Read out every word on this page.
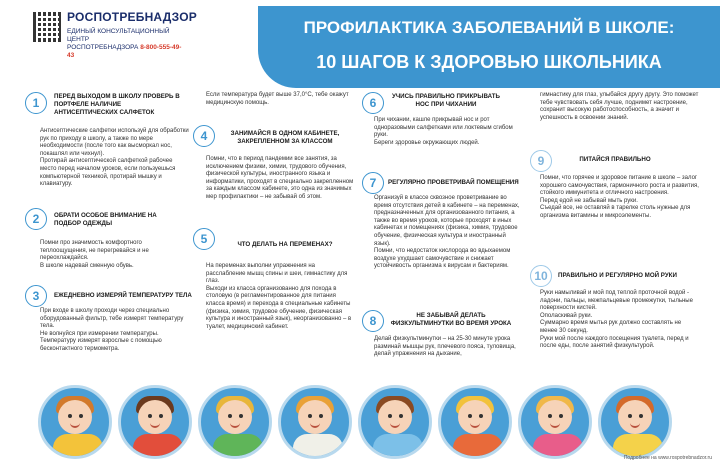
РОСПОТРЕБНАДЗОР
ЕДИНЫЙ КОНСУЛЬТАЦИОННЫЙ ЦЕНТР
РОСПОТРЕБНАДЗОРА 8-800-555-49-43
ПРОФИЛАКТИКА ЗАБОЛЕВАНИЙ В ШКОЛЕ:
10 ШАГОВ К ЗДОРОВЬЮ ШКОЛЬНИКА
1	ПЕРЕД ВЫХОДОМ В ШКОЛУ ПРОВЕРЬ В ПОРТФЕЛЕ НАЛИЧИЕ АНТИСЕПТИЧЕСКИХ САЛФЕТОК

Антисептические салфетки используй для обработки рук по приходу в школу, а также по мере необходимости (после того как высморкал нос, покашлял или чихнул).

Протирай антисептической салфеткой рабочее место перед началом уроков, если пользуешься компьютерной техникой, протирай мышку и клавиатуру.

2	ОБРАТИ ОСОБОЕ ВНИМАНИЕ НА ПОДБОР ОДЕЖДЫ

Помни про значимость комфортного теплоощущения, не перегревайся и не переохлаждайся.

В школе надевай сменную обувь.

3	ЕЖЕДНЕВНО ИЗМЕРЯЙ ТЕМПЕРАТУРУ ТЕЛА

При входе в школу проходи через специально оборудованный фильтр, тебе измерят температуру тела.

Не волнуйся при измерении температуры. Температуру измерят взрослые с помощью бесконтактного термометра.

Если температура будет выше 37,0°С, тебе окажут медицинскую помощь.
4	ЗАНИМАЙСЯ В ОДНОМ КАБИНЕТЕ, ЗАКРЕПЛЕННОМ ЗА КЛАССОМ

Помни, что в период пандемии все занятия, за исключением физики, химии, трудового обучения, физической культуры, иностранного языка и информатики, проходят в специально закрепленном за каждым классом кабинете, это одна из значимых мер профилактики – не забывай об этом.

5	ЧТО ДЕЛАТЬ НА ПЕРЕМЕНАХ?

На переменах выполни упражнения на расслабление мышц спины и шеи, гимнастику для глаз.

Выходи из класса организованно для похода в столовую (в регламентированное для питания класса время) и перехода в специальные кабинеты (физика, химия, трудовое обучение, физическая культура и иностранный язык), неорганизованно – в туалет, медицинский кабинет.

6	УЧИСЬ ПРАВИЛЬНО ПРИКРЫВАТЬ НОС ПРИ ЧИХАНИИ

При чихании, кашле прикрывай нос и рот одноразовыми салфетками или локтевым сгибом руки.

Береги здоровье окружающих людей.

7	РЕГУЛЯРНО ПРОВЕТРИВАЙ ПОМЕЩЕНИЯ

Организуй в классе сквозное проветривание во время отсутствия детей в кабинете – на переменах, предназначенных для организованного питания, а также во время уроков, которые проходят в иных кабинетах и помещениях (физика, химия, трудовое обучение, физическая культура и иностранный язык).

Помни, что недостаток кислорода во вдыхаемом воздухе ухудшает самочувствие и снижает устойчивость организма к вирусам и бактериям.

8	НЕ ЗАБЫВАЙ ДЕЛАТЬ ФИЗКУЛЬТМИНУТКИ ВО ВРЕМЯ УРОКА

Делай физкультминутки – на 25-30 минуте урока разминай мышцы рук, плечевого пояса, туловища, делай упражнения на дыхание,

гимнастику для глаз, улыбайся другу другу. Это поможет тебе чувствовать себя лучше, поднимет настроение, сохранит высокую работоспособность, а значит и успешность в освоении знаний.
9	ПИТАЙСЯ ПРАВИЛЬНО

Помни, что горячее и здоровое питание в школе – залог хорошего самочувствия, гармоничного роста и развития, стойкого иммунитета и отличного настроения.

Перед едой не забывай мыть руки.

Съедай все, не оставляй в тарелке столь нужные для организма витамины и микроэлементы.

10	ПРАВИЛЬНО И РЕГУЛЯРНО МОЙ РУКИ

Руки намыливай и мой под теплой проточной водой - ладони, пальцы, межпальцевые промежутки, тыльные поверхности кистей.

Ополаскивай руки.

Суммарно время мытья рук должно составлять не менее 30 секунд.

Руки мой после каждого посещения туалета, перед и после еды, после занятий физкультурой.

Подробнее на www.rospotrebnadzor.ru
